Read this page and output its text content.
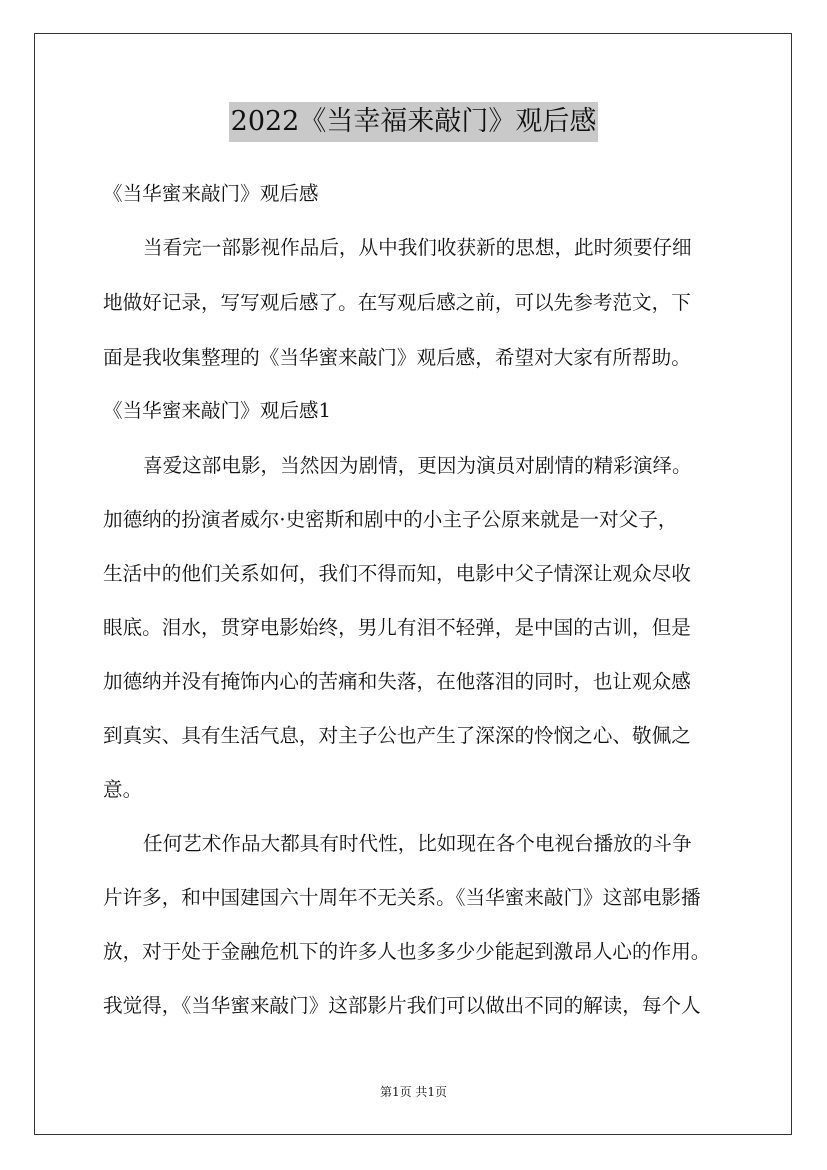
2022《当幸福来敲门》观后感
《当华蜜来敲门》观后感
当看完一部影视作品后，从中我们收获新的思想，此时须要仔细
地做好记录，写写观后感了。在写观后感之前，可以先参考范文，下
面是我收集整理的《当华蜜来敲门》观后感，希望对大家有所帮助。
《当华蜜来敲门》观后感1
喜爱这部电影，当然因为剧情，更因为演员对剧情的精彩演绎。
加德纳的扮演者威尔·史密斯和剧中的小主子公原来就是一对父子，
生活中的他们关系如何，我们不得而知，电影中父子情深让观众尽收
眼底。泪水，贯穿电影始终，男儿有泪不轻弹，是中国的古训，但是
加德纳并没有掩饰内心的苦痛和失落，在他落泪的同时，也让观众感
到真实、具有生活气息，对主子公也产生了深深的怜悯之心、敬佩之
意。
任何艺术作品大都具有时代性，比如现在各个电视台播放的斗争
片许多，和中国建国六十周年不无关系。《当华蜜来敲门》这部电影播
放，对于处于金融危机下的许多人也多多少少能起到激昂人心的作用。
我觉得，《当华蜜来敲门》这部影片我们可以做出不同的解读，每个人
第1页 共1页
